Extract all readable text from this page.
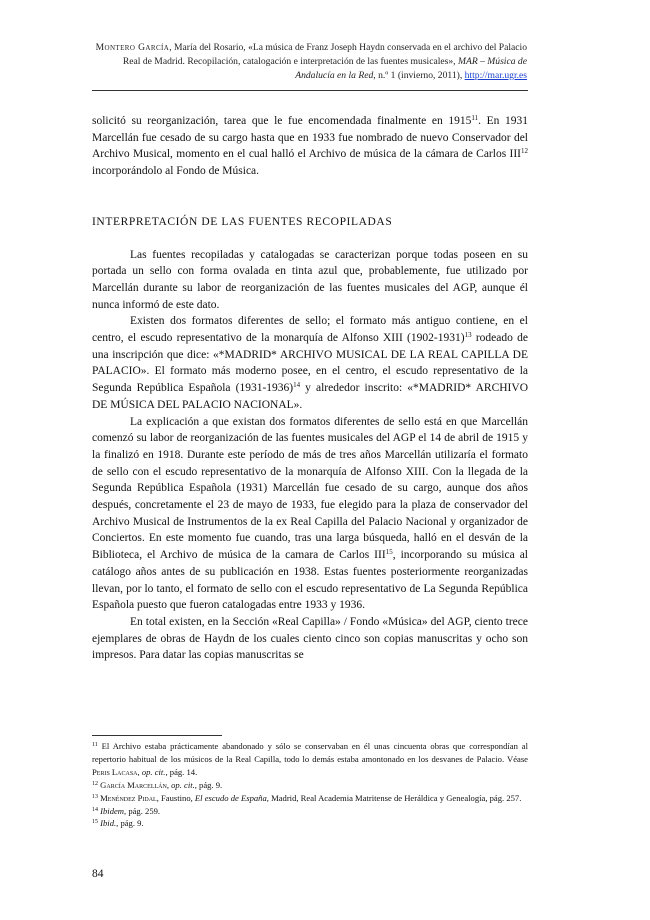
Montero García, María del Rosario, «La música de Franz Joseph Haydn conservada en el archivo del Palacio Real de Madrid. Recopilación, catalogación e interpretación de las fuentes musicales», MAR – Música de Andalucía en la Red, n.º 1 (invierno, 2011), http://mar.ugr.es

solicitó su reorganización, tarea que le fue encomendada finalmente en 1915$^{11}$. En 1931 Marcellán fue cesado de su cargo hasta que en 1933 fue nombrado de nuevo Conservador del Archivo Musical, momento en el cual halló el Archivo de música de la cámara de Carlos III$^{12}$ incorporándolo al Fondo de Música.

INTERPRETACIÓN DE LAS FUENTES RECOPILADAS

Las fuentes recopiladas y catalogadas se caracterizan porque todas poseen en su portada un sello con forma ovalada en tinta azul que, probablemente, fue utilizado por Marcellán durante su labor de reorganización de las fuentes musicales del AGP, aunque él nunca informó de este dato.

Existen dos formatos diferentes de sello; el formato más antiguo contiene, en el centro, el escudo representativo de la monarquía de Alfonso XIII (1902-1931)$^{13}$ rodeado de una inscripción que dice: «*MADRID* ARCHIVO MUSICAL DE LA REAL CAPILLA DE PALACIO». El formato más moderno posee, en el centro, el escudo representativo de la Segunda República Española (1931-1936)$^{14}$ y alrededor inscrito: «*MADRID* ARCHIVO DE MÚSICA DEL PALACIO NACIONAL».

La explicación a que existan dos formatos diferentes de sello está en que Marcellán comenzó su labor de reorganización de las fuentes musicales del AGP el 14 de abril de 1915 y la finalizó en 1918. Durante este período de más de tres años Marcellán utilizaría el formato de sello con el escudo representativo de la monarquía de Alfonso XIII. Con la llegada de la Segunda República Española (1931) Marcellán fue cesado de su cargo, aunque dos años después, concretamente el 23 de mayo de 1933, fue elegido para la plaza de conservador del Archivo Musical de Instrumentos de la ex Real Capilla del Palacio Nacional y organizador de Conciertos. En este momento fue cuando, tras una larga búsqueda, halló en el desván de la Biblioteca, el Archivo de música de la camara de Carlos III$^{15}$, incorporando su música al catálogo años antes de su publicación en 1938. Estas fuentes posteriormente reorganizadas llevan, por lo tanto, el formato de sello con el escudo representativo de La Segunda República Española puesto que fueron catalogadas entre 1933 y 1936.

En total existen, en la Sección «Real Capilla» / Fondo «Música» del AGP, ciento trece ejemplares de obras de Haydn de los cuales ciento cinco son copias manuscritas y ocho son impresos. Para datar las copias manuscritas se

$^{11}$ El Archivo estaba prácticamente abandonado y sólo se conservaban en él unas cincuenta obras que correspondían al repertorio habitual de los músicos de la Real Capilla, todo lo demás estaba amontonado en los desvanes de Palacio. Véase Peris Lacasa, op. cit., pág. 14.

$^{12}$ García Marcellán, op. cit., pág. 9.

$^{13}$ Menéndez Pidal, Faustino, El escudo de España, Madrid, Real Academia Matritense de Heráldica y Genealogía, pág. 257.

$^{14}$ Ibidem, pág. 259.

$^{15}$ Ibid., pág. 9.

84
